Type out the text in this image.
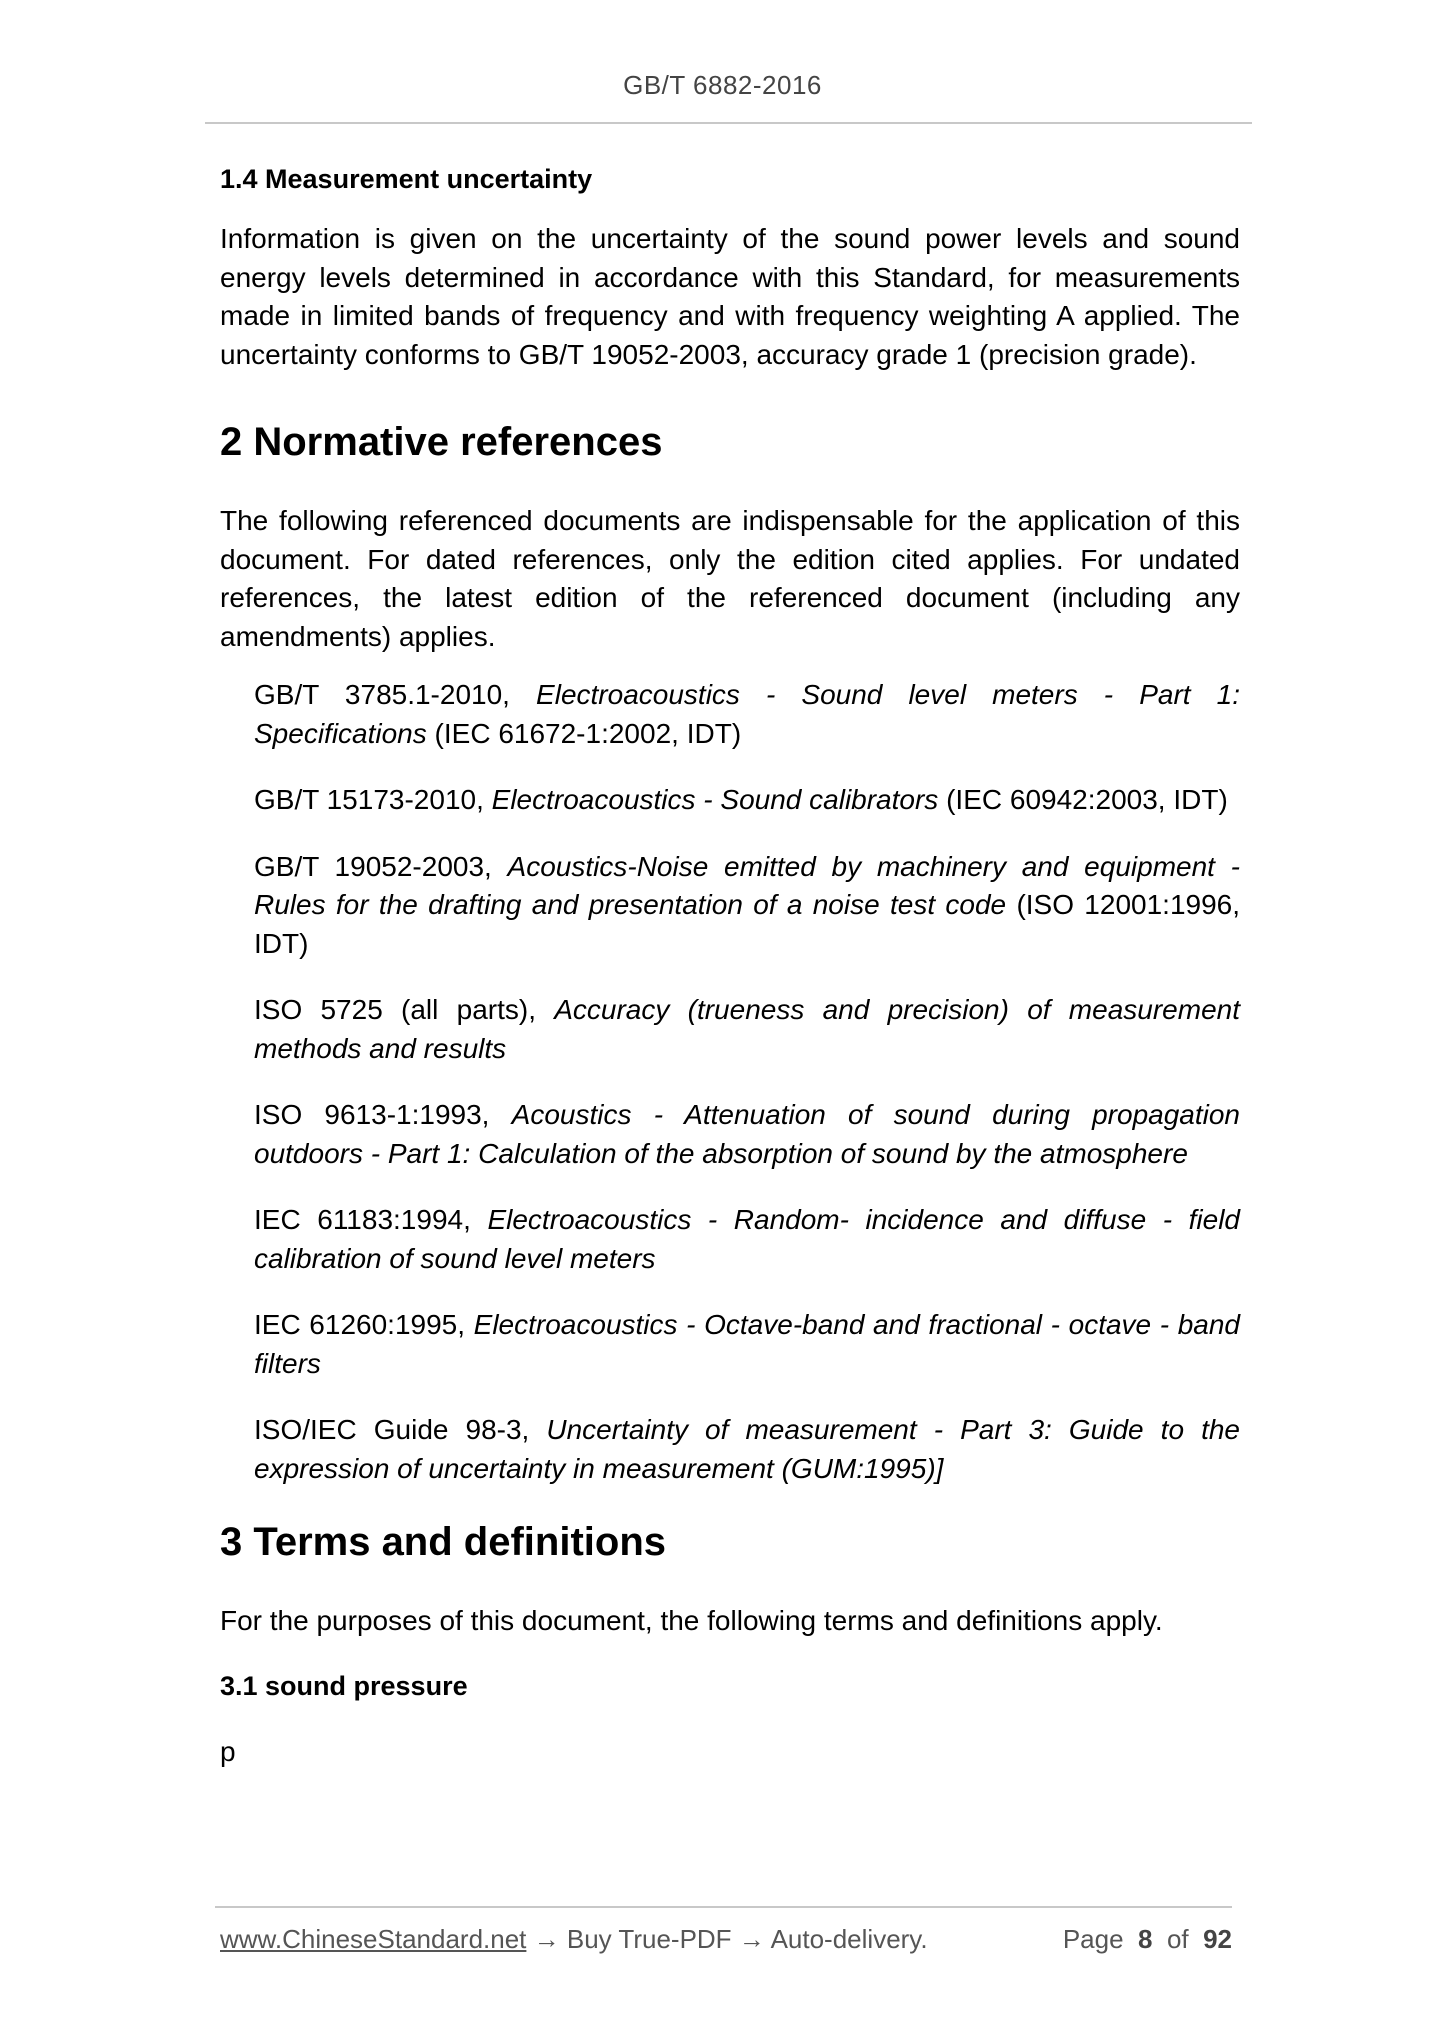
GB/T 6882-2016
1.4 Measurement uncertainty

Information is given on the uncertainty of the sound power levels and sound energy levels determined in accordance with this Standard, for measurements made in limited bands of frequency and with frequency weighting A applied. The uncertainty conforms to GB/T 19052-2003, accuracy grade 1 (precision grade).

2 Normative references

The following referenced documents are indispensable for the application of this document. For dated references, only the edition cited applies. For undated references, the latest edition of the referenced document (including any amendments) applies.

GB/T 3785.1-2010, Electroacoustics - Sound level meters - Part 1: Specifications (IEC 61672-1:2002, IDT)

GB/T 15173-2010, Electroacoustics - Sound calibrators (IEC 60942:2003, IDT)

GB/T 19052-2003, Acoustics-Noise emitted by machinery and equipment - Rules for the drafting and presentation of a noise test code (ISO 12001:1996, IDT)

ISO 5725 (all parts), Accuracy (trueness and precision) of measurement methods and results

ISO 9613-1:1993, Acoustics - Attenuation of sound during propagation outdoors - Part 1: Calculation of the absorption of sound by the atmosphere

IEC 61183:1994, Electroacoustics - Random- incidence and diffuse - field calibration of sound level meters

IEC 61260:1995, Electroacoustics - Octave-band and fractional - octave - band filters

ISO/IEC Guide 98-3, Uncertainty of measurement - Part 3: Guide to the expression of uncertainty in measurement (GUM:1995)]

3 Terms and definitions

For the purposes of this document, the following terms and definitions apply.

3.1 sound pressure
p
www.ChineseStandard.net → Buy True-PDF → Auto-delivery.	Page 8 of 92
